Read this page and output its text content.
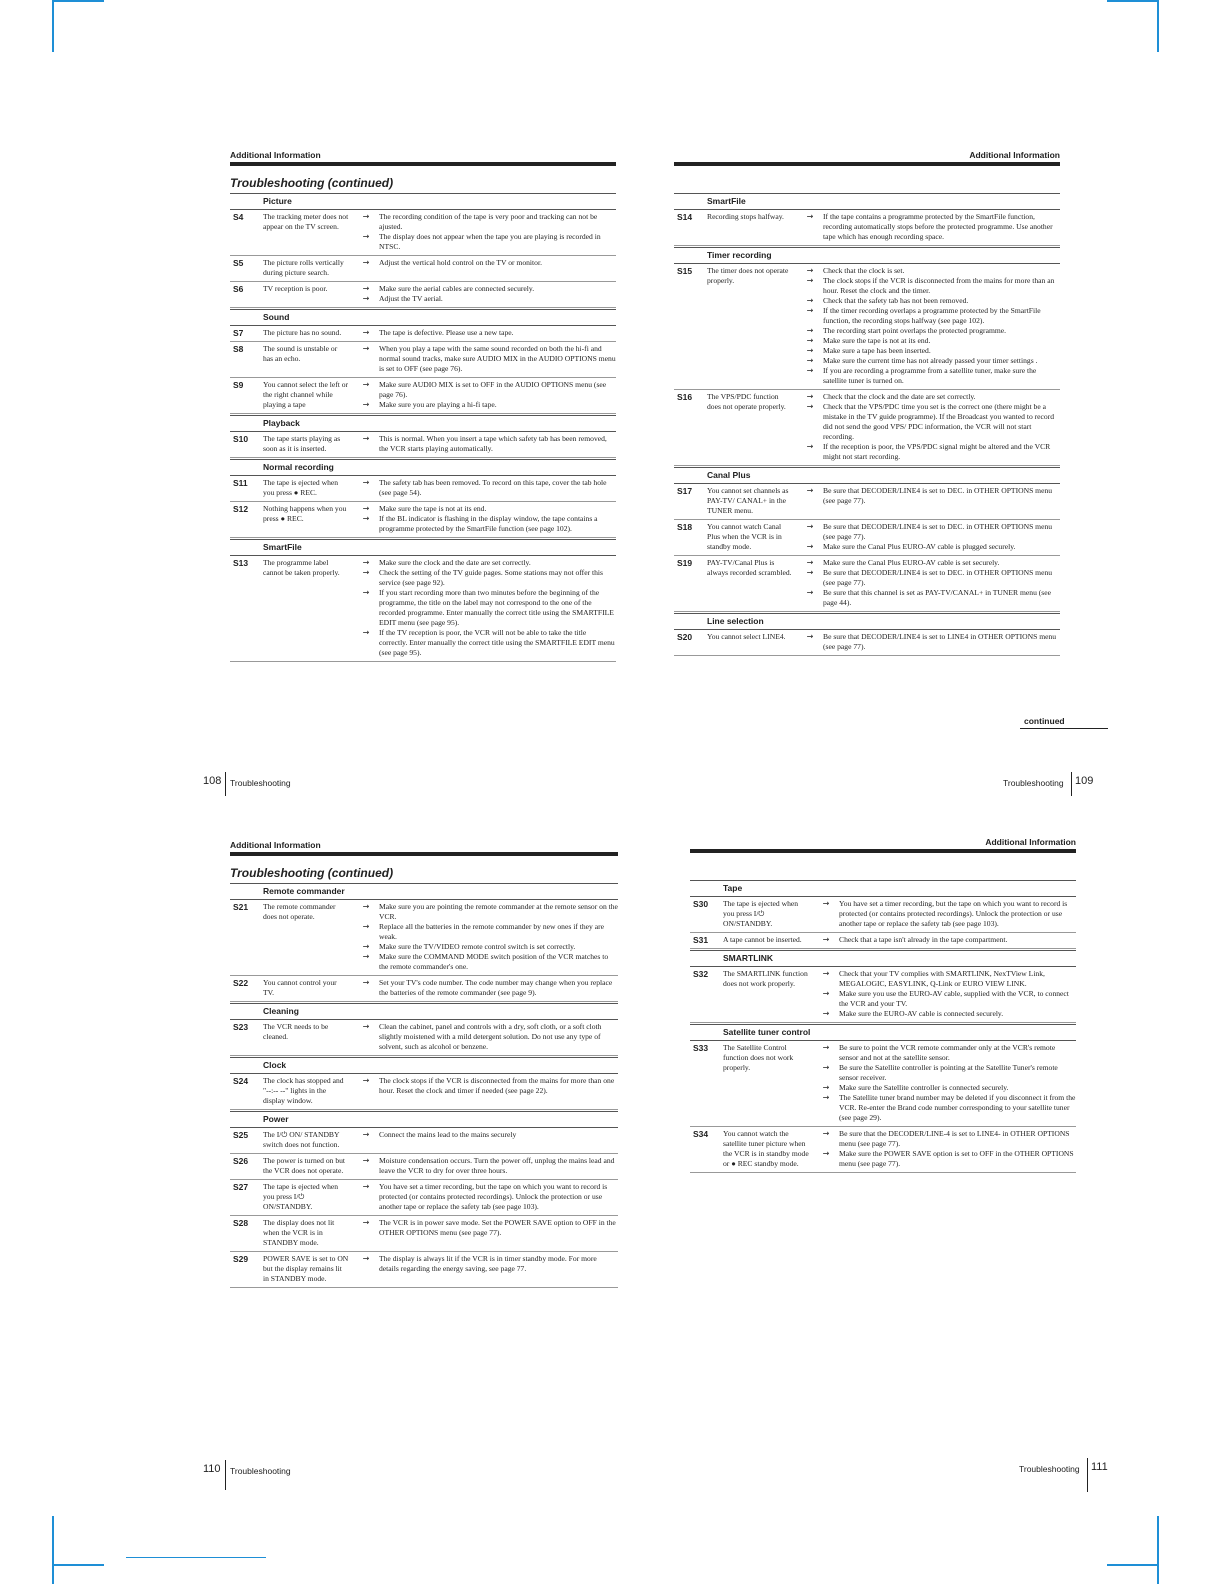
Additional Information
Troubleshooting (continued)
Picture
S4	The tracking meter does not appear on the TV screen.
→	The recording condition of the tape is very poor and tracking can not be ajusted.
→	The display does not appear when the tape you are playing is recorded in NTSC.
S5	The picture rolls vertically during picture search.
→	Adjust the vertical hold control on the TV or monitor.
S6	TV reception is poor.	→	Make sure the aerial cables are connected securely.
→	Adjust the TV aerial.
Sound
S7	The picture has no sound.	→	The tape is defective. Please use a new tape.
S8	The sound is unstable or has an echo.
→	When you play a tape with the same sound recorded on both the hi-fi and normal sound tracks, make sure AUDIO MIX in the AUDIO OPTIONS menu is set to OFF (see page 76).
S9	You cannot select the left or the right channel while playing a tape
→	Make sure AUDIO MIX is set to OFF in the AUDIO OPTIONS menu (see page 76).
→	Make sure you are playing a hi-fi tape.
Playback
S10	The tape starts playing as soon as it is inserted.
→	This is normal. When you insert a tape which safety tab has been removed, the VCR starts playing automatically.
Normal recording
S11	The tape is ejected when you press ● REC.
→	The safety tab has been removed. To record on this tape, cover the tab hole (see page 54).
S12	Nothing happens when you press ● REC.
→	Make sure the tape is not at its end.
→	If the BL indicator is flashing in the display window, the tape contains a programme protected by the SmartFile function (see page 102).
SmartFile
S13	The programme label cannot be taken properly.
→	Make sure the clock and the date are set correctly.
→	Check the setting of the TV guide pages. Some stations may not offer this service (see page 92).
→	If you start recording more than two minutes before the beginning of the programme, the title on the label may not correspond to the one of the recorded programme. Enter manually the correct title using the SMARTFILE EDIT menu (see page 95).
→	If the TV reception is poor, the VCR will not be able to take the title correctly. Enter manually the correct title using the SMARTFILE EDIT menu (see page 95).
Additional Information
SmartFile
S14	Recording stops halfway.	→	If the tape contains a programme protected by the SmartFile function, recording automatically stops before the protected programme. Use another tape which has enough recording space.
Timer recording
S15	The timer does not operate properly.
→	Check that the clock is set.
→	The clock stops if the VCR is disconnected from the mains for more than an hour. Reset the clock and the timer.
→	Check that the safety tab has not been removed.
→	If the timer recording overlaps a programme protected by the SmartFile function, the recording stops halfway (see page 102).
→	The recording start point overlaps the protected programme.
→	Make sure the tape is not at its end.
→	Make sure a tape has been inserted.
→	Make sure the current time has not already passed your timer settings .
→	If you are recording a programme from a satellite tuner, make sure the satellite tuner is turned on.
S16	The VPS/PDC function does not operate properly.
→	Check that the clock and the date are set correctly.
→	Check that the VPS/PDC time you set is the correct one (there might be a mistake in the TV guide programme). If the Broadcast you wanted to record did not send the good VPS/ PDC information, the VCR will not start recording.
→	If the reception is poor, the VPS/PDC signal might be altered and the VCR might not start recording.
Canal Plus
S17	You cannot set channels as PAY-TV/ CANAL+ in the TUNER menu.
→	Be sure that DECODER/LINE4 is set to DEC. in OTHER OPTIONS menu (see page 77).
S18	You cannot watch Canal Plus when the VCR is in standby mode.
→	Be sure that DECODER/LINE4 is set to DEC. in OTHER OPTIONS menu (see page 77).
→	Make sure the Canal Plus EURO-AV cable is plugged securely.
S19	PAY-TV/Canal Plus is always recorded scrambled.
→	Make sure the Canal Plus EURO-AV cable is set securely.
→	Be sure that DECODER/LINE4 is set to DEC. in OTHER OPTIONS menu (see page 77).
→	Be sure that this channel is set as PAY-TV/CANAL+ in TUNER menu (see page 44).
Line selection
S20	You cannot select LINE4.	→	Be sure that DECODER/LINE4 is set to LINE4 in OTHER OPTIONS menu (see page 77).
Additional Information
Troubleshooting (continued)
Remote commander
S21	The remote commander does not operate.
→	Make sure you are pointing the remote commander at the remote sensor on the VCR.
→	Replace all the batteries in the remote commander by new ones if they are weak.
→	Make sure the TV/VIDEO remote control switch is set correctly.
→	Make sure the COMMAND MODE switch position of the VCR matches to the remote commander's one.
S22	You cannot control your TV.
→	Set your TV's code number. The code number may change when you replace the batteries of the remote commander (see page 9).
Cleaning
S23	The VCR needs to be cleaned.
→	Clean the cabinet, panel and controls with a dry, soft cloth, or a soft cloth slightly moistened with a mild detergent solution. Do not use any type of solvent, such as alcohol or benzene.
Clock
S24	The clock has stopped and "--:-- --" lights in the display window.
→	The clock stops if the VCR is disconnected from the mains for more than one hour. Reset the clock and timer if needed (see page 22).
Power
S25	The I/⏻ ON/ STANDBY switch does not function.
→	Connect the mains lead to the mains securely
S26	The power is turned on but the VCR does not operate.
→	Moisture condensation occurs. Turn the power off, unplug the mains lead and leave the VCR to dry for over three hours.
S27	The tape is ejected when you press I/⏻ ON/STANDBY.
→	You have set a timer recording, but the tape on which you want to record is protected (or contains protected recordings). Unlock the protection or use another tape or replace the safety tab (see page 103).
S28	The display does not lit when the VCR is in STANDBY mode.
→	The VCR is in power save mode. Set the POWER SAVE option to OFF in the OTHER OPTIONS menu (see page 77).
S29	POWER SAVE is set to ON but the display remains lit in STANDBY mode.
→	The display is always lit if the VCR is in timer standby mode. For more details regarding the energy saving, see page 77.
Additional Information
Tape
S30	The tape is ejected when you press I/⏻ ON/STANDBY.
→	You have set a timer recording, but the tape on which you want to record is protected (or contains protected recordings). Unlock the protection or use another tape or replace the safety tab (see page 103).
S31	A tape cannot be inserted.	→	Check that a tape isn't already in the tape compartment.
SMARTLINK
S32	The SMARTLINK function does not work properly.
→	Check that your TV complies with SMARTLINK, NexTView Link, MEGALOGIC, EASYLINK, Q-Link or EURO VIEW LINK.
→	Make sure you use the EURO-AV cable, supplied with the VCR, to connect the VCR and your TV.
→	Make sure the EURO-AV cable is connected securely.
Satellite tuner control
S33	The Satellite Control function does not work properly.
→	Be sure to point the VCR remote commander only at the VCR's remote sensor and not at the satellite sensor.
→	Be sure the Satellite controller is pointing at the Satellite Tuner's remote sensor receiver.
→	Make sure the Satellite controller is connected securely.
→	The Satellite tuner brand number may be deleted if you disconnect it from the VCR. Re-enter the Brand code number corresponding to your satellite tuner (see page 29).
S34	You cannot watch the satellite tuner picture when the VCR is in standby mode or ● REC standby mode.
→	Be sure that the DECODER/LINE-4 is set to LINE4- in OTHER OPTIONS menu (see page 77).
→	Make sure the POWER SAVE option is set to OFF in the OTHER OPTIONS menu (see page 77).
continued
108 Troubleshooting	Troubleshooting 109
110 Troubleshooting	Troubleshooting 111
